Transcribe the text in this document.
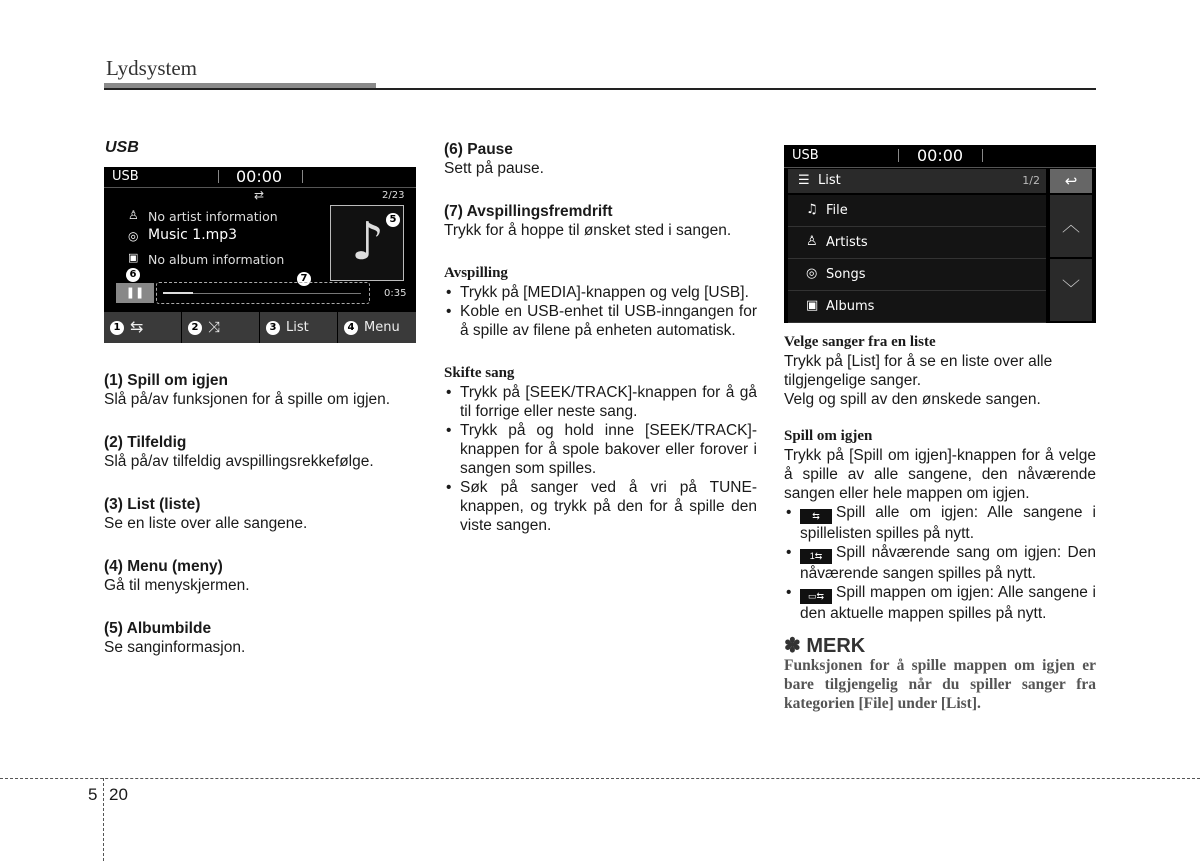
Lydsystem
USB
USB	00:00
⇄	2/23
♙ No artist information
◎ Music 1.mp3
▣ No album information ♪ 5
6	7
❚❚	0:35
1 ⇆	2 ⤨	3 List	4 Menu
(1) Spill om igjen

Slå på/av funksjonen for å spille om igjen.

(2) Tilfeldig

Slå på/av tilfeldig avspillingsrekkefølge.

(3) List (liste)

Se en liste over alle sangene.

(4) Menu (meny)

Gå til menyskjermen.

(5) Albumbilde

Se sanginformasjon.

(6) Pause

Sett på pause.

(7) Avspillingsfremdrift

Trykk for å hoppe til ønsket sted i sangen.

Avspilling

• Trykk på [MEDIA]-knappen og velg [USB].
• Koble en USB-enhet til USB-inngangen for å spille av filene på enheten automatisk.

Skifte sang

• Trykk på [SEEK/TRACK]-knappen for å gå til forrige eller neste sang.
• Trykk på og hold inne [SEEK/TRACK]-knappen for å spole bakover eller forover i sangen som spilles.
• Søk på sanger ved å vri på TUNE-knappen, og trykk på den for å spille den viste sangen.
USB	00:00
☰ List	1/2	↩
♫ File
♙ Artists
◎ Songs
▣ Albums
︿
﹀

Velge sanger fra en liste

Trykk på [List] for å se en liste over alle tilgjengelige sanger.

Velg og spill av den ønskede sangen.

Spill om igjen

Trykk på [Spill om igjen]-knappen for å velge å spille av alle sangene, den nåværende sangen eller hele mappen om igjen.

• ⇆ Spill alle om igjen: Alle sangene i spillelisten spilles på nytt.
• 1⇆ Spill nåværende sang om igjen: Den nåværende sangen spilles på nytt.
• ▭⇆ Spill mappen om igjen: Alle sangene i den aktuelle mappen spilles på nytt.
✽ MERK
Funksjonen for å spille mappen om igjen er bare tilgjengelig når du spiller sanger fra kategorien [File] under [List].
5 20
